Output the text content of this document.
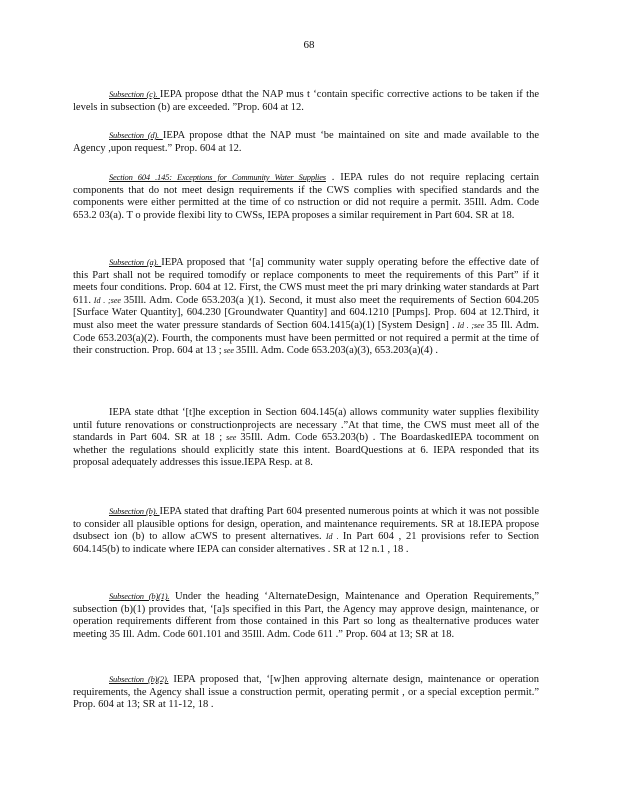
68

Subsection (c). IEPA propose dthat the NAP mus t ‘contain specific corrective actions to be taken if the levels in subsection (b) are exceeded. ”Prop. 604 at 12.

Subsection (d). IEPA propose dthat the NAP must ‘be maintained on site and made available to the Agency ,upon request.” Prop. 604 at 12.

Section 604 .145: Exceptions for Community Water Supplies . IEPA rules do not require replacing certain components that do not meet design requirements if the CWS complies with specified standards and the components were either permitted at the time of co nstruction or did not require a permit. 35Ill. Adm. Code 653.2 03(a). T o provide flexibi lity to CWSs, IEPA proposes a similar requirement in Part 604. SR at 18.

Subsection (a). IEPA proposed that ‘[a] community water supply operating before the effective date of this Part shall not be required tomodify or replace components to meet the requirements of this Part” if it meets four conditions. Prop. 604 at 12. First, the CWS must meet the pri mary drinking water standards at Part 611. Id . ;see 35Ill. Adm. Code 653.203(a )(1). Second, it must also meet the requirements of Section 604.205 [Surface Water Quantity], 604.230 [Groundwater Quantity] and 604.1210 [Pumps]. Prop. 604 at 12.Third, it must also meet the water pressure standards of Section 604.1415(a)(1) [System Design] . Id . ;see 35 Ill. Adm. Code 653.203(a)(2). Fourth, the components must have been permitted or not required a permit at the time of their construction. Prop. 604 at 13 ; see 35Ill. Adm. Code 653.203(a)(3), 653.203(a)(4) .

IEPA state dthat ‘[t]he exception in Section 604.145(a) allows community water supplies flexibility until future renovations or constructionprojects are necessary .”At that time, the CWS must meet all of the standards in Part 604. SR at 18 ; see 35Ill. Adm. Code 653.203(b) . The BoardaskedIEPA tocomment on whether the regulations should explicitly state this intent. BoardQuestions at 6. IEPA responded that its proposal adequately addresses this issue.IEPA Resp. at 8.

Subsection (b). IEPA stated that drafting Part 604 presented numerous points at which it was not possible to consider all plausible options for design, operation, and maintenance requirements. SR at 18.IEPA propose dsubsect ion (b) to allow aCWS to present alternatives. Id . In Part 604 , 21 provisions refer to Section 604.145(b) to indicate where IEPA can consider alternatives . SR at 12 n.1 , 18 .

Subsection (b)(1). Under the heading ‘AlternateDesign, Maintenance and Operation Requirements,” subsection (b)(1) provides that, ‘[a]s specified in this Part, the Agency may approve design, maintenance, or operation requirements different from those contained in this Part so long as thealternative produces water meeting 35 Ill. Adm. Code 601.101 and 35Ill. Adm. Code 611 .” Prop. 604 at 13; SR at 18.

Subsection (b)(2). IEPA proposed that, ‘[w]hen approving alternate design, maintenance or operation requirements, the Agency shall issue a construction permit, operating permit , or a special exception permit.” Prop. 604 at 13; SR at 11-12, 18 .
